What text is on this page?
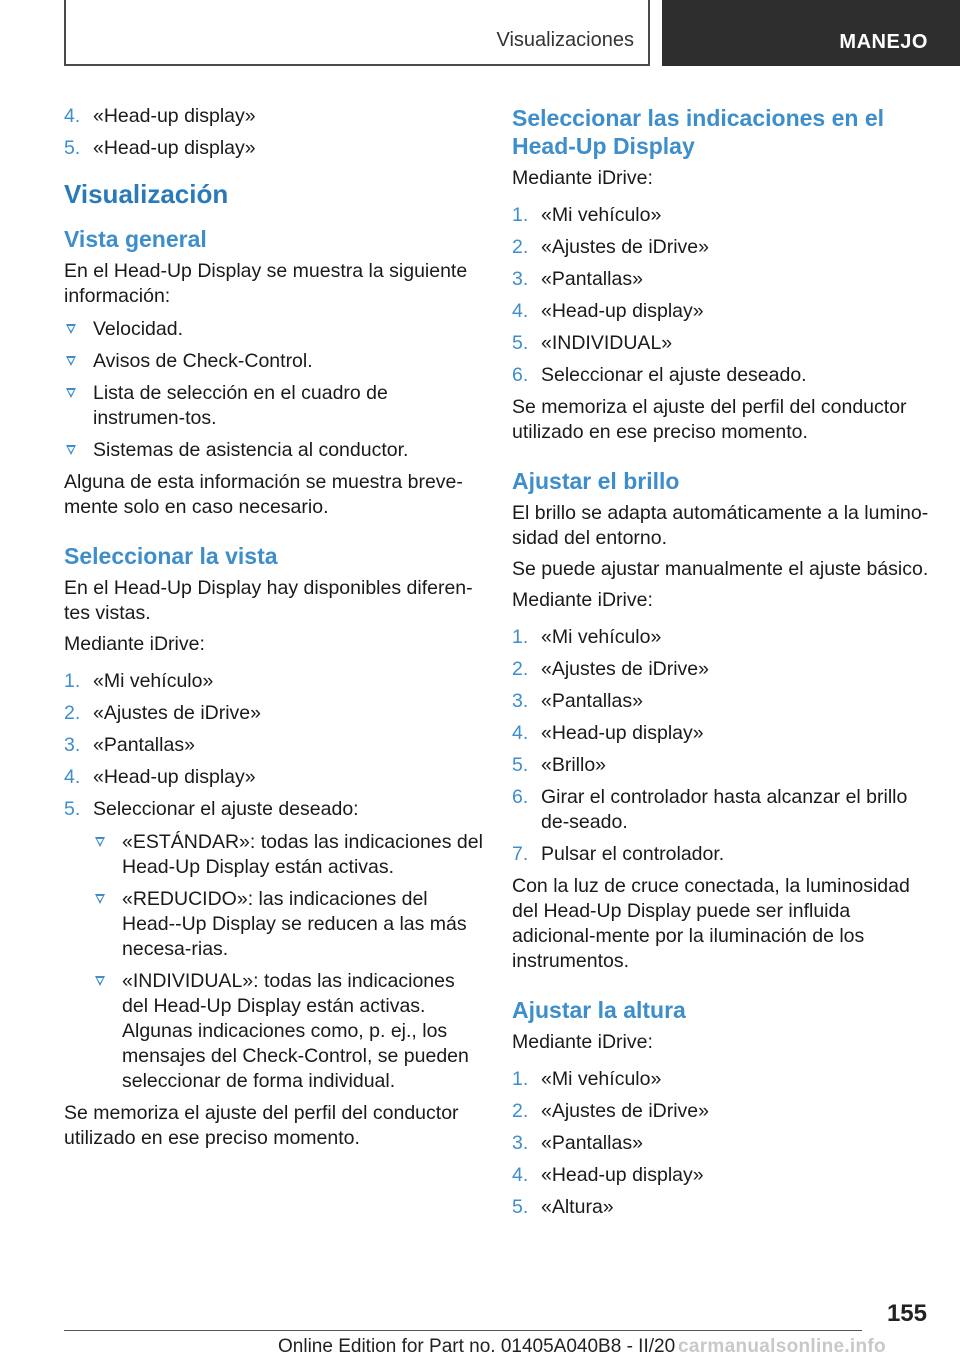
Visualizaciones	MANEJO
4. «Head-up display»
5. «Head-up display»
Visualización
Vista general

En el Head-Up Display se muestra la siguiente información:

Velocidad.
Avisos de Check-Control.
Lista de selección en el cuadro de instrumen-tos.
Sistemas de asistencia al conductor.

Alguna de esta información se muestra breve-mente solo en caso necesario.

Seleccionar la vista

En el Head-Up Display hay disponibles diferen-tes vistas.

Mediante iDrive:

1. «Mi vehículo»
2. «Ajustes de iDrive»
3. «Pantallas»
4. «Head-up display»
5. Seleccionar el ajuste deseado:
«ESTÁNDAR»: todas las indicaciones del Head-Up Display están activas.
«REDUCIDO»: las indicaciones del Head--Up Display se reducen a las más necesa-rias.
«INDIVIDUAL»: todas las indicaciones del Head-Up Display están activas. Algunas indicaciones como, p. ej., los mensajes del Check-Control, se pueden seleccionar de forma individual.

Se memoriza el ajuste del perfil del conductor utilizado en ese preciso momento.

Seleccionar las indicaciones en el Head-Up Display

Mediante iDrive:

1. «Mi vehículo»
2. «Ajustes de iDrive»
3. «Pantallas»
4. «Head-up display»
5. «INDIVIDUAL»
6. Seleccionar el ajuste deseado.

Se memoriza el ajuste del perfil del conductor utilizado en ese preciso momento.

Ajustar el brillo

El brillo se adapta automáticamente a la lumino-sidad del entorno.

Se puede ajustar manualmente el ajuste básico.

Mediante iDrive:

1. «Mi vehículo»
2. «Ajustes de iDrive»
3. «Pantallas»
4. «Head-up display»
5. «Brillo»
6. Girar el controlador hasta alcanzar el brillo de-seado.
7. Pulsar el controlador.

Con la luz de cruce conectada, la luminosidad del Head-Up Display puede ser influida adicional-mente por la iluminación de los instrumentos.

Ajustar la altura

Mediante iDrive:

1. «Mi vehículo»
2. «Ajustes de iDrive»
3. «Pantallas»
4. «Head-up display»
5. «Altura»
155
Online Edition for Part no. 01405A040B8 - II/20 carmanualsonline.info
